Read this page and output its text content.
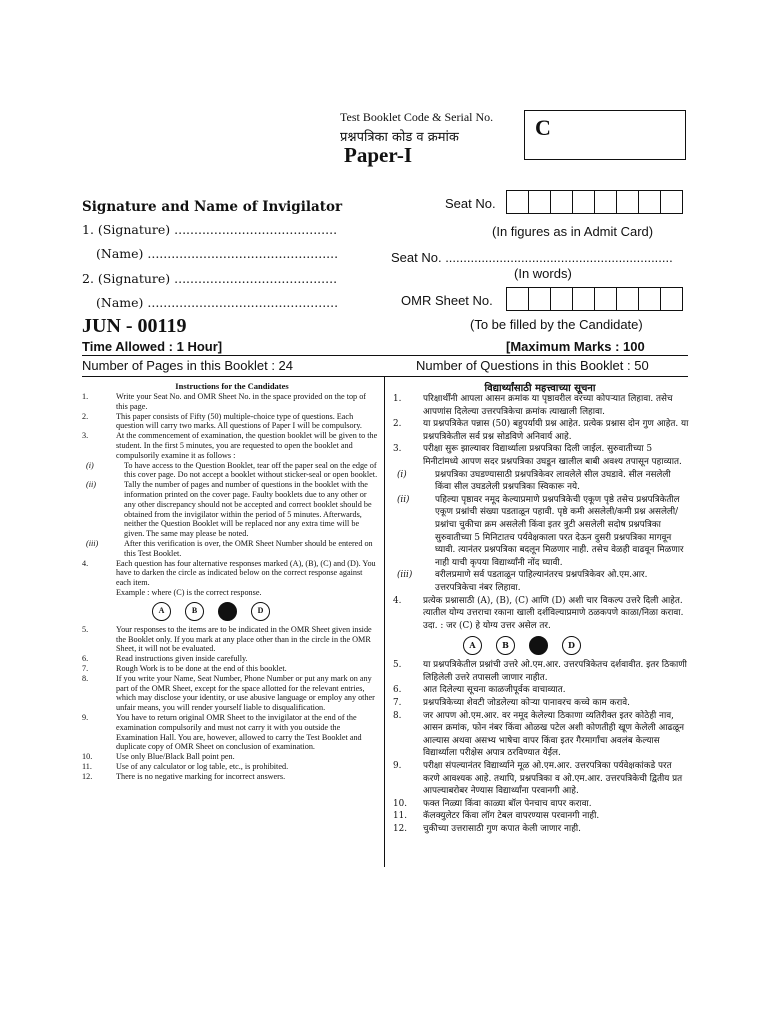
Test Booklet Code & Serial No.
प्रश्नपत्रिका कोड व क्रमांक
Paper-I
C
Signature and Name of Invigilator
1. (Signature) .........................................
(Name) ................................................
2. (Signature) .........................................
(Name) ................................................
Seat No.
(In figures as in Admit Card)
Seat No. ...............................................................
(In words)
OMR Sheet No.
(To be filled by the Candidate)
JUN - 00119
Time Allowed : 1 Hour]	[Maximum Marks : 100
Number of Pages in this Booklet : 24	Number of Questions in this Booklet : 50
Instructions for the Candidates
1.	Write your Seat No. and OMR Sheet No. in the space provided on the top of this page.
2.	This paper consists of Fifty (50) multiple-choice type of questions. Each question will carry two marks. All questions of Paper I will be compulsory.
3.	At the commencement of examination, the question booklet will be given to the student. In the first 5 minutes, you are requested to open the booklet and compulsorily examine it as follows :
(i)	To have access to the Question Booklet, tear off the paper seal on the edge of this cover page. Do not accept a booklet without sticker-seal or open booklet.
(ii)	Tally the number of pages and number of questions in the booklet with the information printed on the cover page. Faulty booklets due to any other or any other discrepancy should not be accepted and correct booklet should be obtained from the invigilator within the period of 5 minutes. Afterwards, neither the Question Booklet will be replaced nor any extra time will be given. The same may please be noted.
(iii)	After this verification is over, the OMR Sheet Number should be entered on this Test Booklet.
4.	Each question has four alternative responses marked (A), (B), (C) and (D). You have to darken the circle as indicated below on the correct response against each item.
Example : where (C) is the correct response.
A	B	D
5.	Your responses to the items are to be indicated in the OMR Sheet given inside the Booklet only. If you mark at any place other than in the circle in the OMR Sheet, it will not be evaluated.
6.	Read instructions given inside carefully.
7.	Rough Work is to be done at the end of this booklet.
8.	If you write your Name, Seat Number, Phone Number or put any mark on any part of the OMR Sheet, except for the space allotted for the relevant entries, which may disclose your identity, or use abusive language or employ any other unfair means, you will render yourself liable to disqualification.
9.	You have to return original OMR Sheet to the invigilator at the end of the examination compulsorily and must not carry it with you outside the Examination Hall. You are, however, allowed to carry the Test Booklet and duplicate copy of OMR Sheet on conclusion of examination.
10.	Use only Blue/Black Ball point pen.
11.	Use of any calculator or log table, etc., is prohibited.
12.	There is no negative marking for incorrect answers.
विद्यार्थ्यांसाठी महत्त्वाच्या सूचना
1.	परिक्षार्थींनी आपला आसन क्रमांक या पृष्ठावरील वरच्या कोपऱ्यात लिहावा. तसेच आपणांस दिलेल्या उत्तरपत्रिकेचा क्रमांक त्याखाली लिहावा.
2.	या प्रश्नपत्रिकेत पन्नास (50) बहुपर्यायी प्रश्न आहेत. प्रत्येक प्रश्नास दोन गुण आहेत. या प्रश्नपत्रिकेतील सर्व प्रश्न सोडविणे अनिवार्य आहे.
3.	परीक्षा सुरू झाल्यावर विद्यार्थ्याला प्रश्नपत्रिका दिली जाईल. सुरुवातीच्या 5 मिनीटांमध्ये आपण सदर प्रश्नपत्रिका उघडून खालील बाबी अवश्य तपासून पहाव्यात.
(i)	प्रश्नपत्रिका उघडण्यासाठी प्रश्नपत्रिकेवर लावलेले सील उघडावे. सील नसलेली किंवा सील उघडलेली प्रश्नपत्रिका स्विकारू नये.
(ii)	पहिल्या पृष्ठावर नमूद केल्याप्रमाणे प्रश्नपत्रिकेची एकूण पृष्ठे तसेच प्रश्नपत्रिकेतील एकूण प्रश्नांची संख्या पडताळून पहावी. पृष्ठे कमी असलेली/कमी प्रश्न असलेली/प्रश्नांचा चुकीचा क्रम असलेली किंवा इतर त्रुटी असलेली सदोष प्रश्नपत्रिका सुरुवातीच्या 5 मिनिटातच पर्यवेक्षकाला परत देऊन दुसरी प्रश्नपत्रिका मागवून घ्यावी. त्यानंतर प्रश्नपत्रिका बदलून मिळणार नाही. तसेच वेळही वाढवून मिळणार नाही याची कृपया विद्यार्थ्यांनी नोंद घ्यावी.
(iii)	वरीलप्रमाणे सर्व पडताळून पाहिल्यानंतरच प्रश्नपत्रिकेवर ओ.एम.आर. उत्तरपत्रिकेचा नंबर लिहावा.
4.	प्रत्येक प्रश्नासाठी (A), (B), (C) आणि (D) अशी चार विकल्प उत्तरे दिली आहेत. त्यातील योग्य उत्तराचा रकाना खाली दर्शविल्याप्रमाणे ठळकपणे काळा/निळा करावा.
उदा. : जर (C) हे योग्य उत्तर असेल तर.
A	B	D
5.	या प्रश्नपत्रिकेतील प्रश्नांची उत्तरे ओ.एम.आर. उत्तरपत्रिकेतच दर्शवावीत. इतर ठिकाणी लिहिलेली उत्तरे तपासली जाणार नाहीत.
6.	आत दिलेल्या सूचना काळजीपूर्वक वाचाव्यात.
7.	प्रश्नपत्रिकेच्या शेवटी जोडलेल्या कोऱ्या पानावरच कच्चे काम करावे.
8.	जर आपण ओ.एम.आर. वर नमूद केलेल्या ठिकाणा व्यतिरीक्त इतर कोठेही नाव, आसन क्रमांक, फोन नंबर किंवा ओळख पटेल अशी कोणतीही खूण केलेली आढळून आल्यास अथवा असभ्य भाषेचा वापर किंवा इतर गैरमार्गांचा अवलंब केल्यास विद्यार्थ्याला परीक्षेस अपात्र ठरविण्यात येईल.
9.	परीक्षा संपल्यानंतर विद्यार्थ्याने मूळ ओ.एम.आर. उत्तरपत्रिका पर्यवेक्षकांकडे परत करणे आवश्यक आहे. तथापि, प्रश्नपत्रिका व ओ.एम.आर. उत्तरपत्रिकेची द्वितीय प्रत आपल्याबरोबर नेण्यास विद्यार्थ्यांना परवानगी आहे.
10.	फक्त निळ्या किंवा काळ्या बॉल पेनचाच वापर करावा.
11.	कॅलक्युलेटर किंवा लॉग टेबल वापरण्यास परवानगी नाही.
12.	चुकीच्या उत्तरासाठी गुण कपात केली जाणार नाही.
